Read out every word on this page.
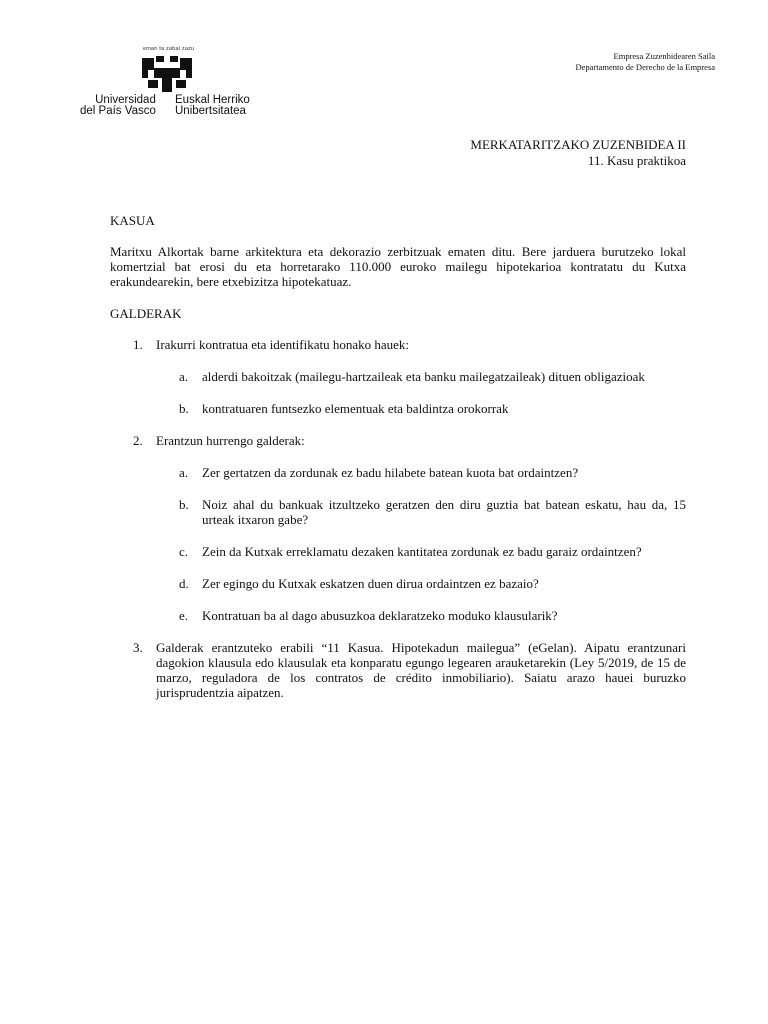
eman ta zabal zazu
Universidad
del País Vasco
Euskal Herriko
Unibertsitatea
Empresa Zuzenbidearen Saila
Departamento de Derecho de la Empresa
MERKATARITZAKO ZUZENBIDEA II
11. Kasu praktikoa

KASUA

Maritxu Alkortak barne arkitektura eta dekorazio zerbitzuak ematen ditu. Bere jarduera burutzeko lokal komertzial bat erosi du eta horretarako 110.000 euroko mailegu hipotekarioa kontratatu du Kutxa erakundearekin, bere etxebizitza hipotekatuaz.

GALDERAK

1. Irakurri kontratua eta identifikatu honako hauek:
a. alderdi bakoitzak (mailegu-hartzaileak eta banku mailegatzaileak) dituen obligazioak
b. kontratuaren funtsezko elementuak eta baldintza orokorrak
2. Erantzun hurrengo galderak:
a. Zer gertatzen da zordunak ez badu hilabete batean kuota bat ordaintzen?
b. Noiz ahal du bankuak itzultzeko geratzen den diru guztia bat batean eskatu, hau da, 15 urteak itxaron gabe?
c. Zein da Kutxak erreklamatu dezaken kantitatea zordunak ez badu garaiz ordaintzen?
d. Zer egingo du Kutxak eskatzen duen dirua ordaintzen ez bazaio?
e. Kontratuan ba al dago abusuzkoa deklaratzeko moduko klausularik?
3. Galderak erantzuteko erabili “11 Kasua. Hipotekadun mailegua” (eGelan). Aipatu erantzunari dagokion klausula edo klausulak eta konparatu egungo legearen arauketarekin (Ley 5/2019, de 15 de marzo, reguladora de los contratos de crédito inmobiliario). Saiatu arazo hauei buruzko jurisprudentzia aipatzen.
